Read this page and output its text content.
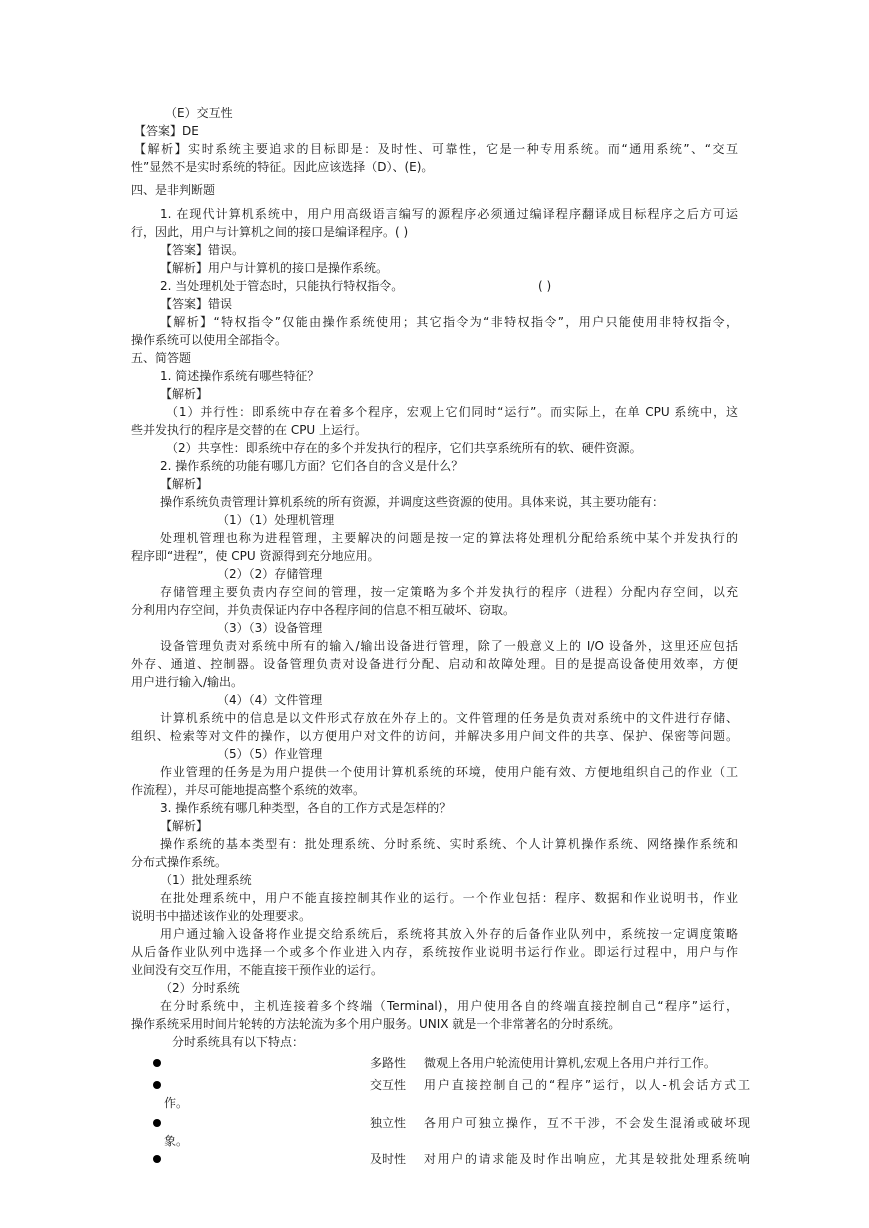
（E）交互性

【答案】DE

【解析】实时系统主要追求的目标即是：及时性、可靠性，它是一种专用系统。而“通用系统”、“交互

性”显然不是实时系统的特征。因此应该选择（D）、(E)。

四、是非判断题

1. 在现代计算机系统中，用户用高级语言编写的源程序必须通过编译程序翻译成目标程序之后方可运

行，因此，用户与计算机之间的接口是编译程序。( )

【答案】错误。

【解析】用户与计算机的接口是操作系统。

2. 当处理机处于管态时，只能执行特权指令。	( )

【答案】错误

【解析】“特权指令”仅能由操作系统使用；其它指令为“非特权指令”，用户只能使用非特权指令，

操作系统可以使用全部指令。

五、简答题

1. 简述操作系统有哪些特征？

【解析】

（1）并行性：即系统中存在着多个程序，宏观上它们同时“运行”。而实际上，在单 CPU 系统中，这

些并发执行的程序是交替的在 CPU 上运行。

（2）共享性：即系统中存在的多个并发执行的程序，它们共享系统所有的软、硬件资源。

2. 操作系统的功能有哪几方面？它们各自的含义是什么？

【解析】

操作系统负责管理计算机系统的所有资源，并调度这些资源的使用。具体来说，其主要功能有：

（1）（1）处理机管理

处理机管理也称为进程管理，主要解决的问题是按一定的算法将处理机分配给系统中某个并发执行的

程序即“进程”，使 CPU 资源得到充分地应用。

（2）（2）存储管理

存储管理主要负责内存空间的管理，按一定策略为多个并发执行的程序（进程）分配内存空间，以充

分利用内存空间，并负责保证内存中各程序间的信息不相互破坏、窃取。

（3）（3）设备管理

设备管理负责对系统中所有的输入/输出设备进行管理，除了一般意义上的 I/O 设备外，这里还应包括

外存、通道、控制器。设备管理负责对设备进行分配、启动和故障处理。目的是提高设备使用效率，方便

用户进行输入/输出。

（4）（4）文件管理

计算机系统中的信息是以文件形式存放在外存上的。文件管理的任务是负责对系统中的文件进行存储、

组织、检索等对文件的操作，以方便用户对文件的访问，并解决多用户间文件的共享、保护、保密等问题。

（5）（5）作业管理

作业管理的任务是为用户提供一个使用计算机系统的环境，使用户能有效、方便地组织自己的作业（工

作流程），并尽可能地提高整个系统的效率。

3. 操作系统有哪几种类型，各自的工作方式是怎样的？

【解析】

操作系统的基本类型有：批处理系统、分时系统、实时系统、个人计算机操作系统、网络操作系统和

分布式操作系统。

（1）批处理系统

在批处理系统中，用户不能直接控制其作业的运行。一个作业包括：程序、数据和作业说明书，作业

说明书中描述该作业的处理要求。

用户通过输入设备将作业提交给系统后，系统将其放入外存的后备作业队列中，系统按一定调度策略

从后备作业队列中选择一个或多个作业进入内存，系统按作业说明书运行作业。即运行过程中，用户与作

业间没有交互作用，不能直接干预作业的运行。

（2）分时系统

在分时系统中，主机连接着多个终端（Terminal)，用户使用各自的终端直接控制自己“程序”运行，

操作系统采用时间片轮转的方法轮流为多个用户服务。UNIX 就是一个非常著名的分时系统。

分时系统具有以下特点：

多路性 微观上各用户轮流使用计算机,宏观上各用户并行工作。
交互性 用户直接控制自己的“程序”运行，以人-机会话方式工

作。

独立性 各用户可独立操作，互不干涉，不会发生混淆或破坏现

象。

及时性 对用户的请求能及时作出响应，尤其是较批处理系统响
